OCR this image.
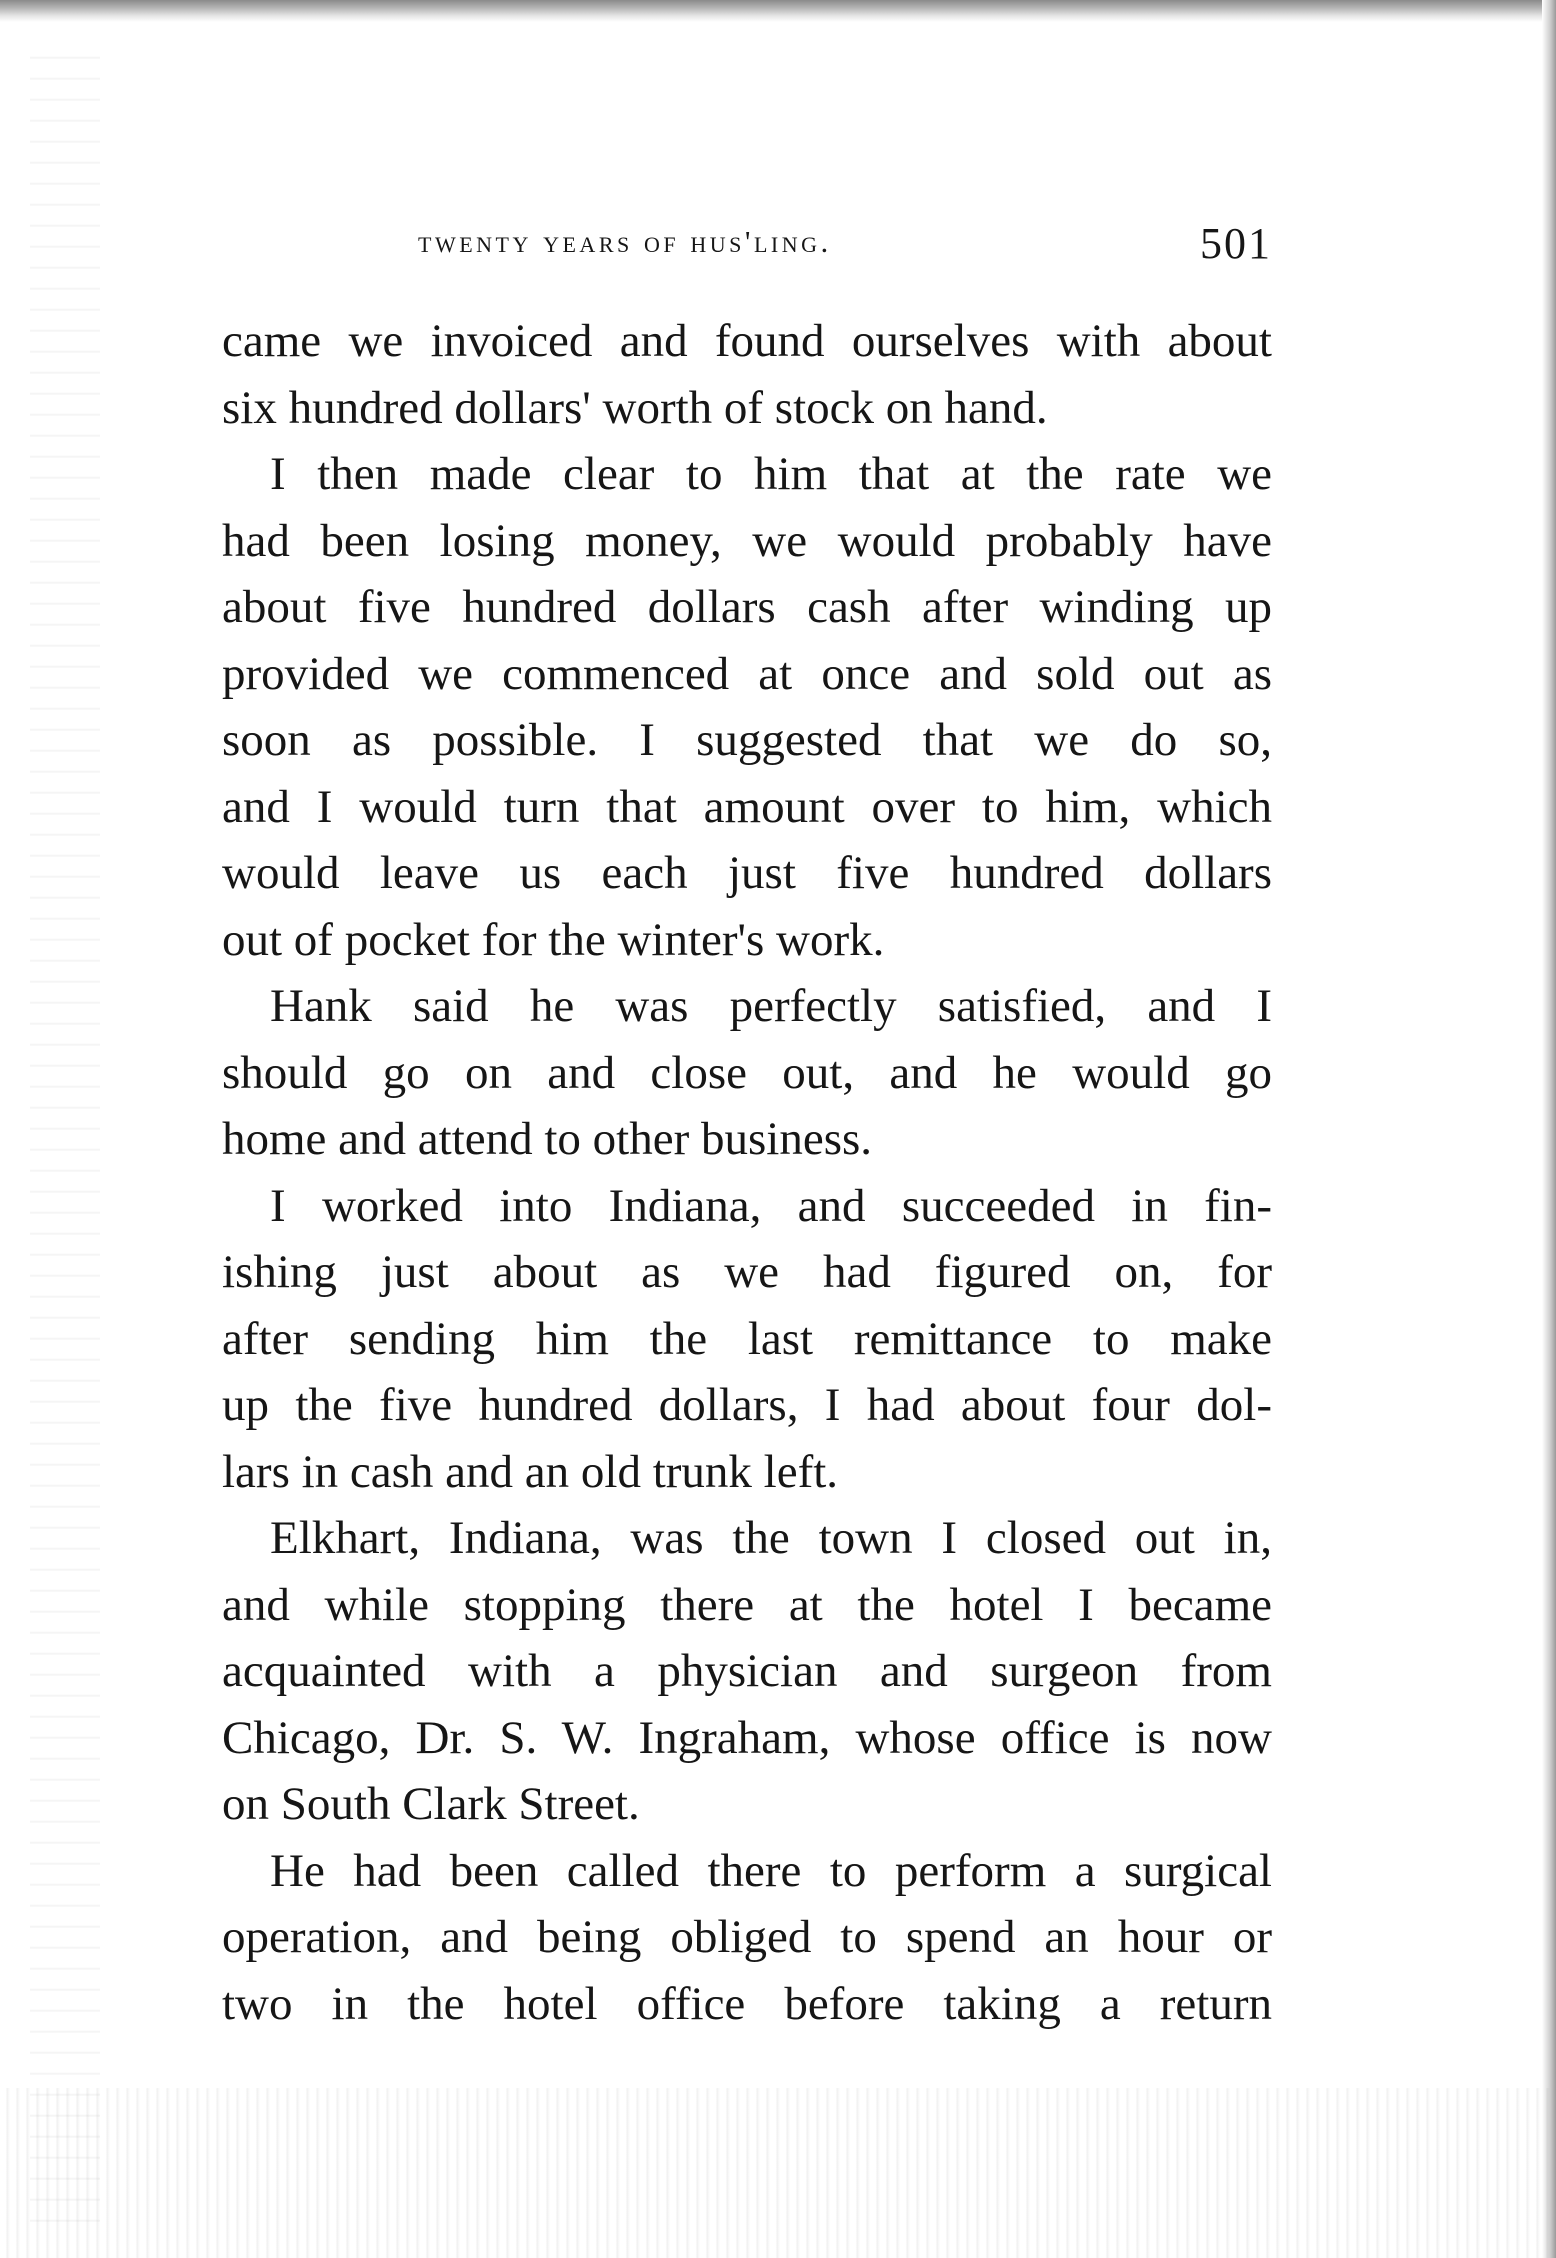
twenty years of hus'ling.	501
came we invoiced and found ourselves with about
six hundred dollars' worth of stock on hand.
I then made clear to him that at the rate we
had been losing money, we would probably have
about five hundred dollars cash after winding up
provided we commenced at once and sold out as
soon as possible. I suggested that we do so,
and I would turn that amount over to him, which
would leave us each just five hundred dollars
out of pocket for the winter's work.
Hank said he was perfectly satisfied, and I
should go on and close out, and he would go
home and attend to other business.
I worked into Indiana, and succeeded in fin-
ishing just about as we had figured on, for
after sending him the last remittance to make
up the five hundred dollars, I had about four dol-
lars in cash and an old trunk left.
Elkhart, Indiana, was the town I closed out in,
and while stopping there at the hotel I became
acquainted with a physician and surgeon from
Chicago, Dr. S. W. Ingraham, whose office is now
on South Clark Street.
He had been called there to perform a surgical
operation, and being obliged to spend an hour or
two in the hotel office before taking a return
